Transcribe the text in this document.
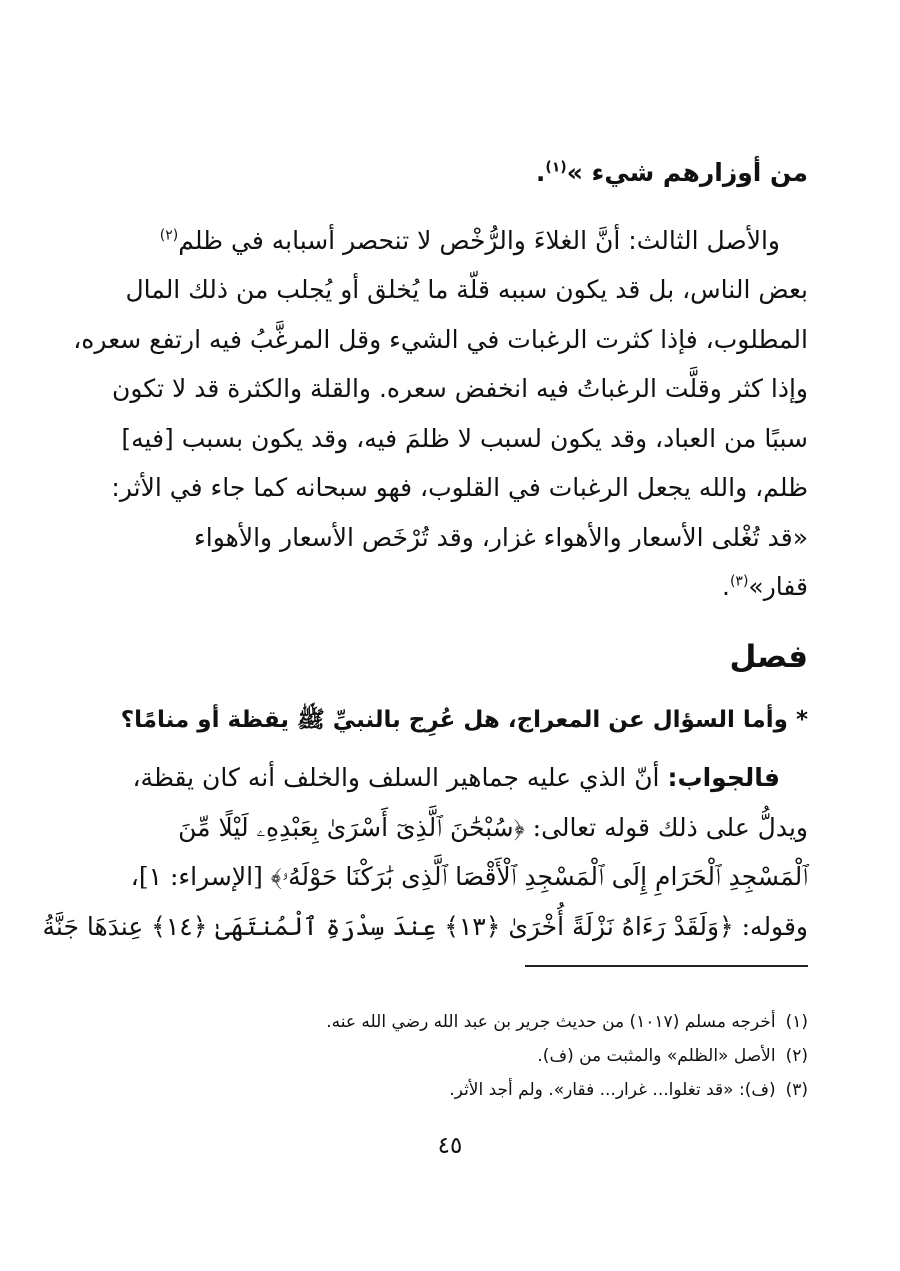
من أوزارهم شيء »$^{(١)}$.
والأصل الثالث: أنَّ الغلاءَ والرُّخْص لا تنحصر أسبابه في ظلم$^{(٢)}$
بعض الناس، بل قد يكون سببه قلّة ما يُخلق أو يُجلب من ذلك المال
المطلوب، فإذا كثرت الرغبات في الشيء وقل المرغَّبُ فيه ارتفع سعره،
وإذا كثر وقلَّت الرغباتُ فيه انخفض سعره. والقلة والكثرة قد لا تكون
سببًا من العباد، وقد يكون لسبب لا ظلمَ فيه، وقد يكون بسبب [فيه]
ظلم، والله يجعل الرغبات في القلوب، فهو سبحانه كما جاء في الأثر:
«قد تُغْلى الأسعار والأهواء غزار، وقد تُرْخَص الأسعار والأهواء
قفار»$^{(٣)}$.
فصل
* وأما السؤال عن المعراج، هل عُرِج بالنبيِّ ﷺ يقظة أو منامًا؟
فالجواب: أنّ الذي عليه جماهير السلف والخلف أنه كان يقظة،
ويدلُّ على ذلك قوله تعالى: ﴿سُبْحَٰنَ ٱلَّذِىٓ أَسْرَىٰ بِعَبْدِهِۦ لَيْلًا مِّنَ
ٱلْمَسْجِدِ ٱلْحَرَامِ إِلَى ٱلْمَسْجِدِ ٱلْأَقْصَا ٱلَّذِى بَٰرَكْنَا حَوْلَهُۥ﴾ [الإسراء: ١]،
وقوله: ﴿وَلَقَدْ رَءَاهُ نَزْلَةً أُخْرَىٰ ﴿١٣﴾ عِندَ سِدْرَةِ ٱلْمُنتَهَىٰ ﴿١٤﴾ عِندَهَا جَنَّةُ
(١)أخرجه مسلم (١٠١٧) من حديث جرير بن عبد الله رضي الله عنه.
(٢)الأصل «الظلم» والمثبت من (ف).
(٣)(ف): «قد تغلوا... غرار... فقار». ولم أجد الأثر.
٤٥
